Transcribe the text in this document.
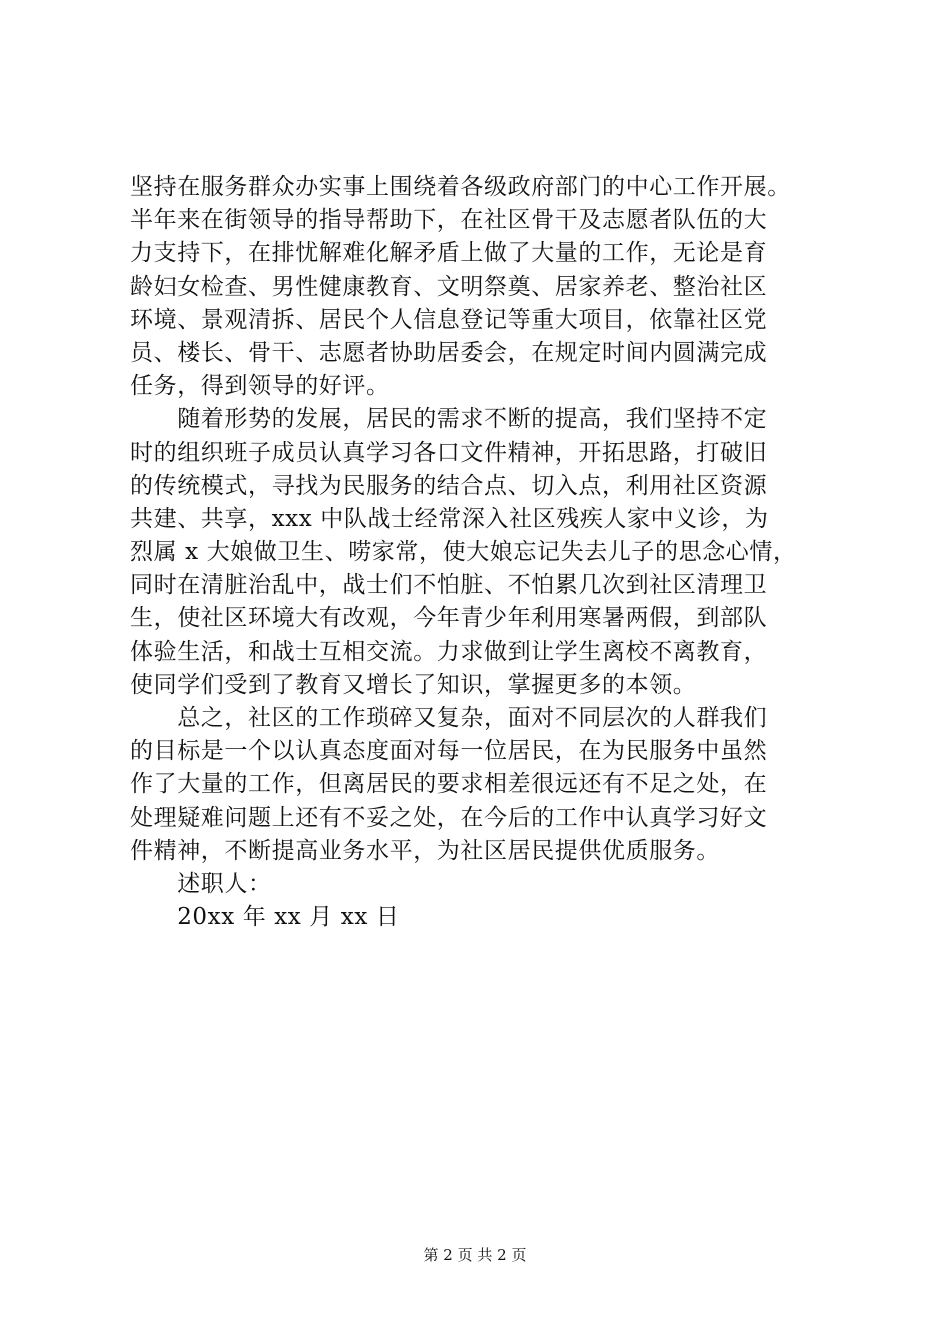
坚持在服务群众办实事上围绕着各级政府部门的中心工作开展。
半年来在街领导的指导帮助下，在社区骨干及志愿者队伍的大
力支持下，在排忧解难化解矛盾上做了大量的工作，无论是育
龄妇女检查、男性健康教育、文明祭奠、居家养老、整治社区
环境、景观清拆、居民个人信息登记等重大项目，依靠社区党
员、楼长、骨干、志愿者协助居委会，在规定时间内圆满完成
任务，得到领导的好评。
　　随着形势的发展，居民的需求不断的提高，我们坚持不定
时的组织班子成员认真学习各口文件精神，开拓思路，打破旧
的传统模式，寻找为民服务的结合点、切入点，利用社区资源
共建、共享，xxx 中队战士经常深入社区残疾人家中义诊，为
烈属 x 大娘做卫生、唠家常，使大娘忘记失去儿子的思念心情，
同时在清脏治乱中，战士们不怕脏、不怕累几次到社区清理卫
生，使社区环境大有改观，今年青少年利用寒暑两假，到部队
体验生活，和战士互相交流。力求做到让学生离校不离教育，
使同学们受到了教育又增长了知识，掌握更多的本领。
　　总之，社区的工作琐碎又复杂，面对不同层次的人群我们
的目标是一个以认真态度面对每一位居民，在为民服务中虽然
作了大量的工作，但离居民的要求相差很远还有不足之处，在
处理疑难问题上还有不妥之处，在今后的工作中认真学习好文
件精神，不断提高业务水平，为社区居民提供优质服务。
　　述职人：
　　20xx 年 xx 月 xx 日
第 2 页 共 2 页
